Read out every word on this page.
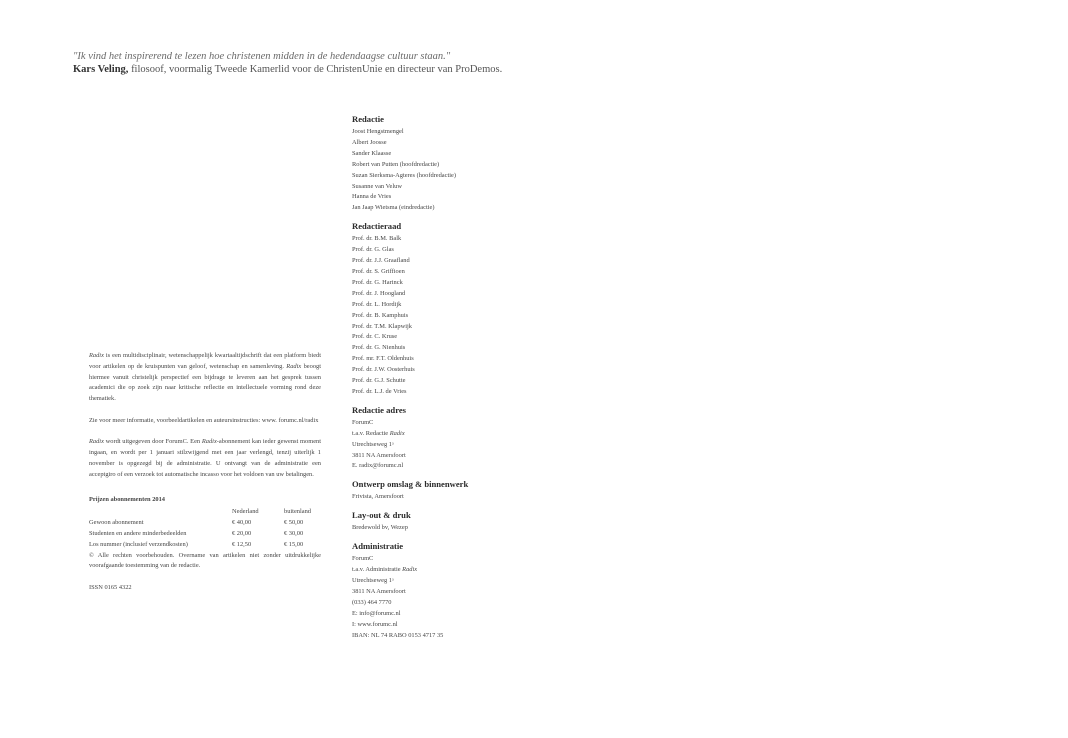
"Ik vind het inspirerend te lezen hoe christenen midden in de hedendaagse cultuur staan."
Kars Veling, filosoof, voormalig Tweede Kamerlid voor de ChristenUnie en directeur van ProDemos.

Radix is een multidisciplinair, wetenschappelijk kwartaaltijdschrift dat een platform biedt voor artikelen op de kruispunten van geloof, wetenschap en samenleving. Radix beoogt hiermee vanuit christelijk perspectief een bijdrage te leveren aan het gesprek tussen academici die op zoek zijn naar kritische reflectie en intellectuele vorming rond deze thematiek.

Zie voor meer informatie, voorbeeldartikelen en auteursinstructies: www. forumc.nl/radix

Radix wordt uitgegeven door ForumC. Een Radix-abonnement kan ieder gewenst moment ingaan, en wordt per 1 januari stilzwijgend met een jaar verlengd, tenzij uiterlijk 1 november is opgezegd bij de administratie. U ontvangt van de administratie een acceptgiro of een verzoek tot automatische incasso voor het voldoen van uw betalingen.

Prijzen abonnementen 2014
	Nederland	buitenland
Gewoon abonnement	€ 40,00	€ 50,00
Studenten en andere minderbedeelden	€ 20,00	€ 30,00
Los nummer (inclusief verzendkosten)	€ 12,50	€ 15,00

© Alle rechten voorbehouden. Overname van artikelen niet zonder uitdrukkelijke voorafgaande toestemming van de redactie.

ISSN 0165 4322
Redactie
Joost Hengstmengel
Albert Joosse
Sander Klaasse
Robert van Putten (hoofdredactie)
Suzan Sierksma-Agteres (hoofdredactie)
Susanne van Veluw
Hanna de Vries
Jan Jaap Wietsma (eindredactie)
Redactieraad
Prof. dr. B.M. Balk
Prof. dr. G. Glas
Prof. dr. J.J. Graafland
Prof. dr. S. Griffioen
Prof. dr. G. Harinck
Prof. dr. J. Hoogland
Prof. dr. L. Hordijk
Prof. dr. B. Kamphuis
Prof. dr. T.M. Klapwijk
Prof. dr. C. Kruse
Prof. dr. G. Nienhuis
Prof. mr. F.T. Oldenhuis
Prof. dr. J.W. Oosterhuis
Prof. dr. G.J. Schutte
Prof. dr. L.J. de Vries
Redactie adres
ForumC
t.a.v. Redactie Radix
Utrechtseweg 1ᵃ
3811 NA Amersfoort
E. radix@forumc.nl
Ontwerp omslag & binnenwerk
Frivista, Amersfoort
Lay-out & druk
Bredewold bv, Wezep
Administratie
ForumC
t.a.v. Administratie Radix
Utrechtseweg 1ᵃ
3811 NA Amersfoort
(033) 464 7770
E: info@forumc.nl
I: www.forumc.nl
IBAN: NL 74 RABO 0153 4717 35
